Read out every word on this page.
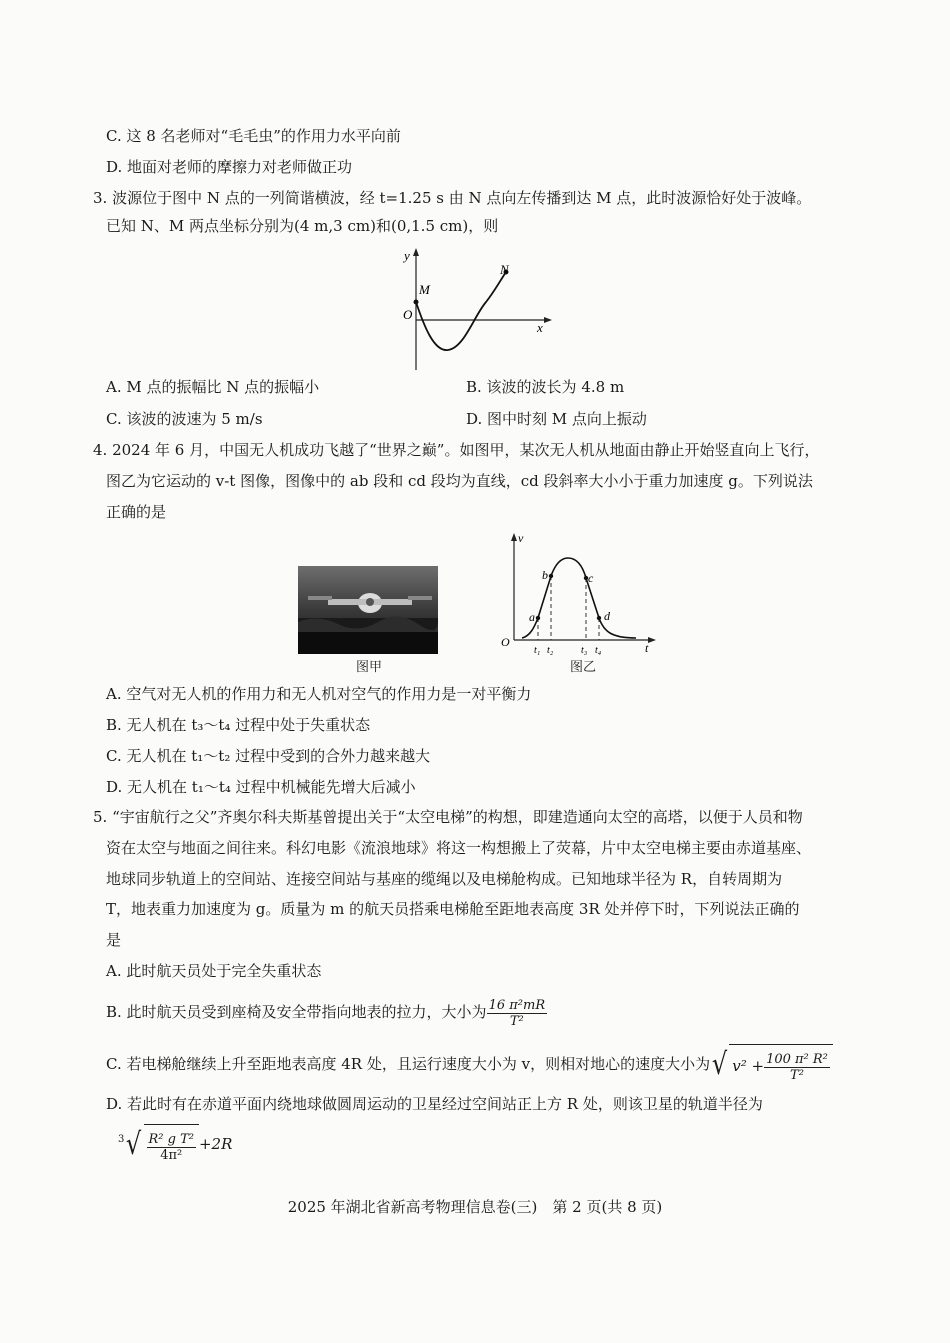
C. 这 8 名老师对“毛毛虫”的作用力水平向前
D. 地面对老师的摩擦力对老师做正功
3. 波源位于图中 N 点的一列简谐横波，经 t=1.25 s 由 N 点向左传播到达 M 点，此时波源恰好处于波峰。
已知 N、M 两点坐标分别为(4 m,3 cm)和(0,1.5 cm)，则
y
x
O
M
N
A. M 点的振幅比 N 点的振幅小	B. 该波的波长为 4.8 m
C. 该波的波速为 5 m/s	D. 图中时刻 M 点向上振动
4. 2024 年 6 月，中国无人机成功飞越了“世界之巅”。如图甲，某次无人机从地面由静止开始竖直向上飞行，
图乙为它运动的 v-t 图像，图像中的 ab 段和 cd 段均为直线，cd 段斜率大小小于重力加速度 g。下列说法
正确的是
图甲
v
t
O
a
b	c
d
t₁ t₂	t₃ t₄
图乙
A. 空气对无人机的作用力和无人机对空气的作用力是一对平衡力
B. 无人机在 t₃～t₄ 过程中处于失重状态
C. 无人机在 t₁～t₂ 过程中受到的合外力越来越大
D. 无人机在 t₁～t₄ 过程中机械能先增大后减小
5. “宇宙航行之父”齐奥尔科夫斯基曾提出关于“太空电梯”的构想，即建造通向太空的高塔，以便于人员和物
资在太空与地面之间往来。科幻电影《流浪地球》将这一构想搬上了荧幕，片中太空电梯主要由赤道基座、
地球同步轨道上的空间站、连接空间站与基座的缆绳以及电梯舱构成。已知地球半径为 R，自转周期为
T，地表重力加速度为 g。质量为 m 的航天员搭乘电梯舱至距地表高度 3R 处并停下时，下列说法正确的
是
A. 此时航天员处于完全失重状态
B. 此时航天员受到座椅及安全带指向地表的拉力，大小为 $\frac{\text{16 π²mR}}{\text{T²}}$
C. 若电梯舱继续上升至距地表高度 4R 处，且运行速度大小为 v，则相对地心的速度大小为√ $v^2 + \frac{\text{100 π² R²}}{\text{T²}}$
D. 若此时有在赤道平面内绕地球做圆周运动的卫星经过空间站正上方 R 处，则该卫星的轨道半径为
$^3√ \frac{\text{R² g T²}}{\text{4π²}} +2R$
2025 年湖北省新高考物理信息卷(三)　第 2 页(共 8 页)
